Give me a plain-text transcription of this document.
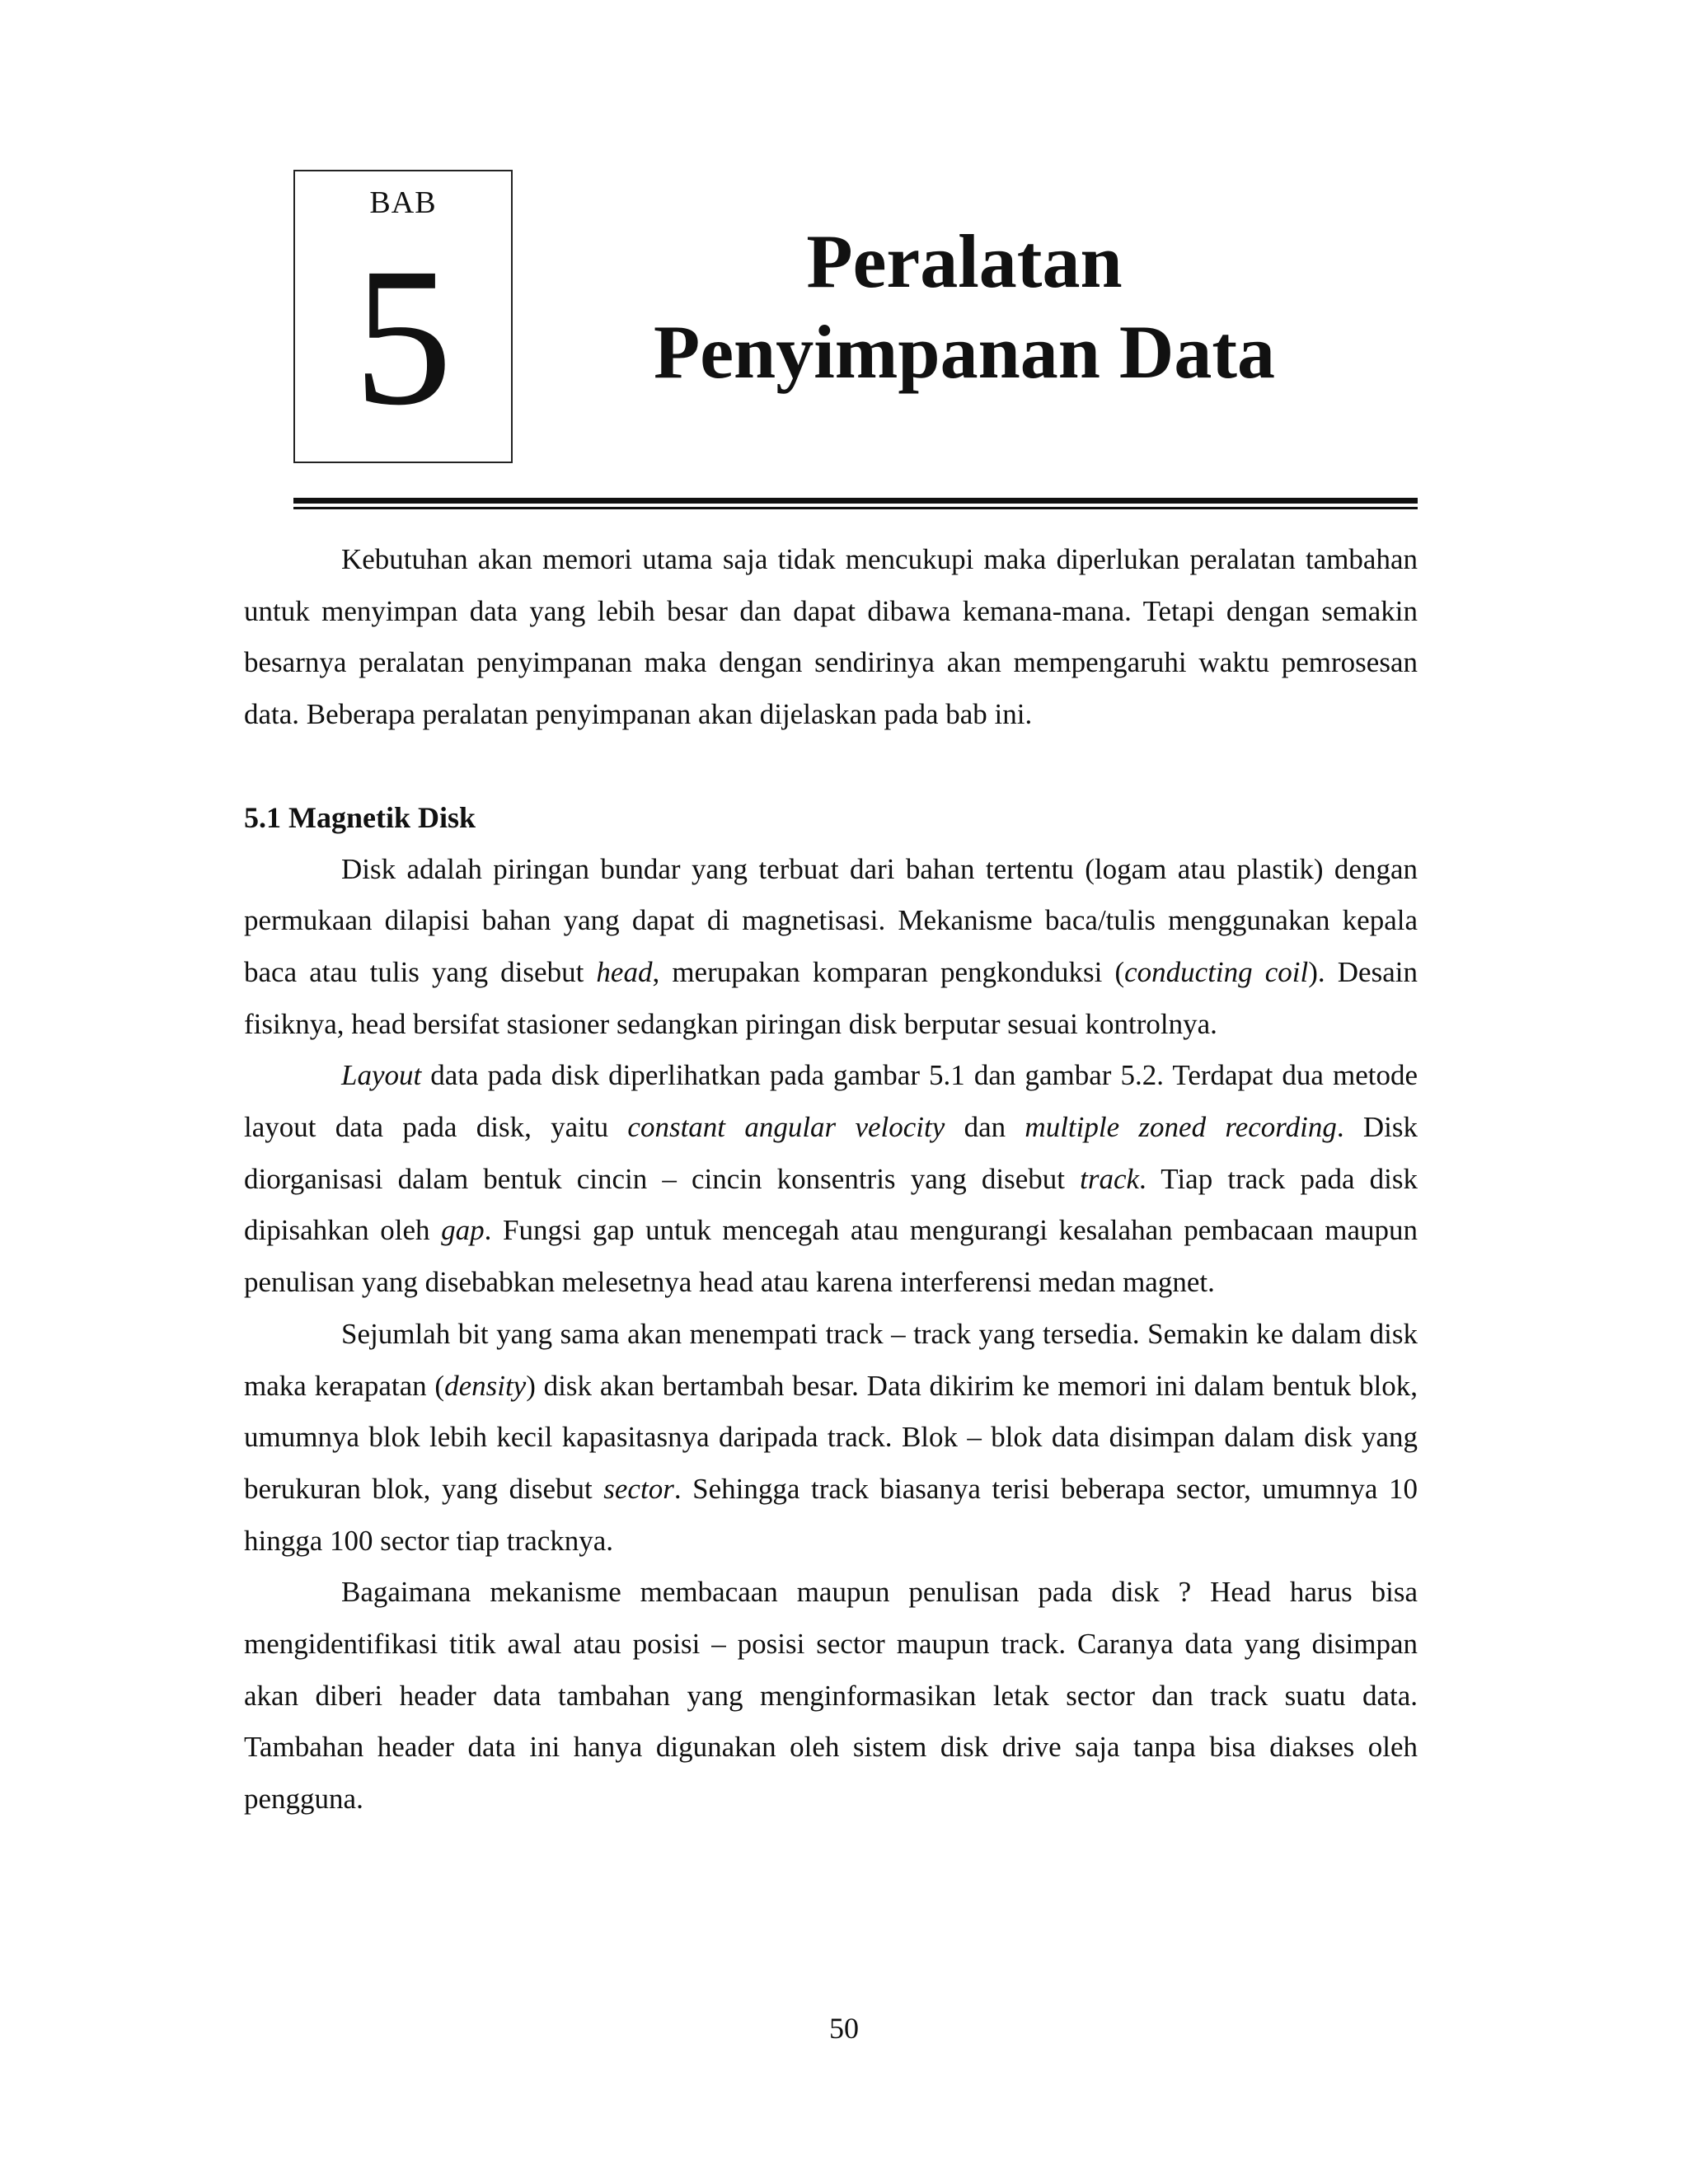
BAB
5	Peralatan
Penyimpanan Data

Kebutuhan akan memori utama saja tidak mencukupi maka diperlukan peralatan tambahan untuk menyimpan data yang lebih besar dan dapat dibawa kemana-mana. Tetapi dengan semakin besarnya peralatan penyimpanan maka dengan sendirinya akan mempengaruhi waktu pemrosesan data. Beberapa peralatan penyimpanan akan dijelaskan pada bab ini.

5.1 Magnetik Disk

Disk adalah piringan bundar yang terbuat dari bahan tertentu (logam atau plastik) dengan permukaan dilapisi bahan yang dapat di magnetisasi. Mekanisme baca/tulis menggunakan kepala baca atau tulis yang disebut head, merupakan komparan pengkonduksi (conducting coil). Desain fisiknya, head bersifat stasioner sedangkan piringan disk berputar sesuai kontrolnya.

Layout data pada disk diperlihatkan pada gambar 5.1 dan gambar 5.2. Terdapat dua metode layout data pada disk, yaitu constant angular velocity dan multiple zoned recording. Disk diorganisasi dalam bentuk cincin – cincin konsentris yang disebut track. Tiap track pada disk dipisahkan oleh gap. Fungsi gap untuk mencegah atau mengurangi kesalahan pembacaan maupun penulisan yang disebabkan melesetnya head atau karena interferensi medan magnet.

Sejumlah bit yang sama akan menempati track – track yang tersedia. Semakin ke dalam disk maka kerapatan (density) disk akan bertambah besar. Data dikirim ke memori ini dalam bentuk blok, umumnya blok lebih kecil kapasitasnya daripada track. Blok – blok data disimpan dalam disk yang berukuran blok, yang disebut sector. Sehingga track biasanya terisi beberapa sector, umumnya 10 hingga 100 sector tiap tracknya.

Bagaimana mekanisme membacaan maupun penulisan pada disk ? Head harus bisa mengidentifikasi titik awal atau posisi – posisi sector maupun track. Caranya data yang disimpan akan diberi header data tambahan yang menginformasikan letak sector dan track suatu data. Tambahan header data ini hanya digunakan oleh sistem disk drive saja tanpa bisa diakses oleh pengguna.

50
